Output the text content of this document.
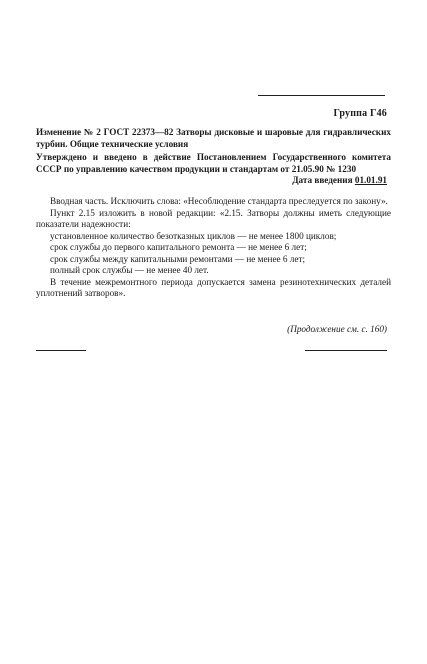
Группа Г46
Изменение № 2 ГОСТ 22373—82 Затворы дисковые и шаровые для гидравлических турбин. Общие технические условия
Утверждено и введено в действие Постановлением Государственного комитета СССР по управлению качеством продукции и стандартам от 21.05.90 № 1230
Дата введения 01.01.91

Вводная часть. Исключить слова: «Несоблюдение стандарта преследуется по закону».

Пункт 2.15 изложить в новой редакции: «2.15. Затворы должны иметь следующие показатели надежности:

установленное количество безотказных циклов — не менее 1800 циклов;

срок службы до первого капитального ремонта — не менее 6 лет;

срок службы между капитальными ремонтами — не менее 6 лет;

полный срок службы — не менее 40 лет.

В течение межремонтного периода допускается замена резинотехнических деталей уплотнений затворов».

(Продолжение см. с. 160)
